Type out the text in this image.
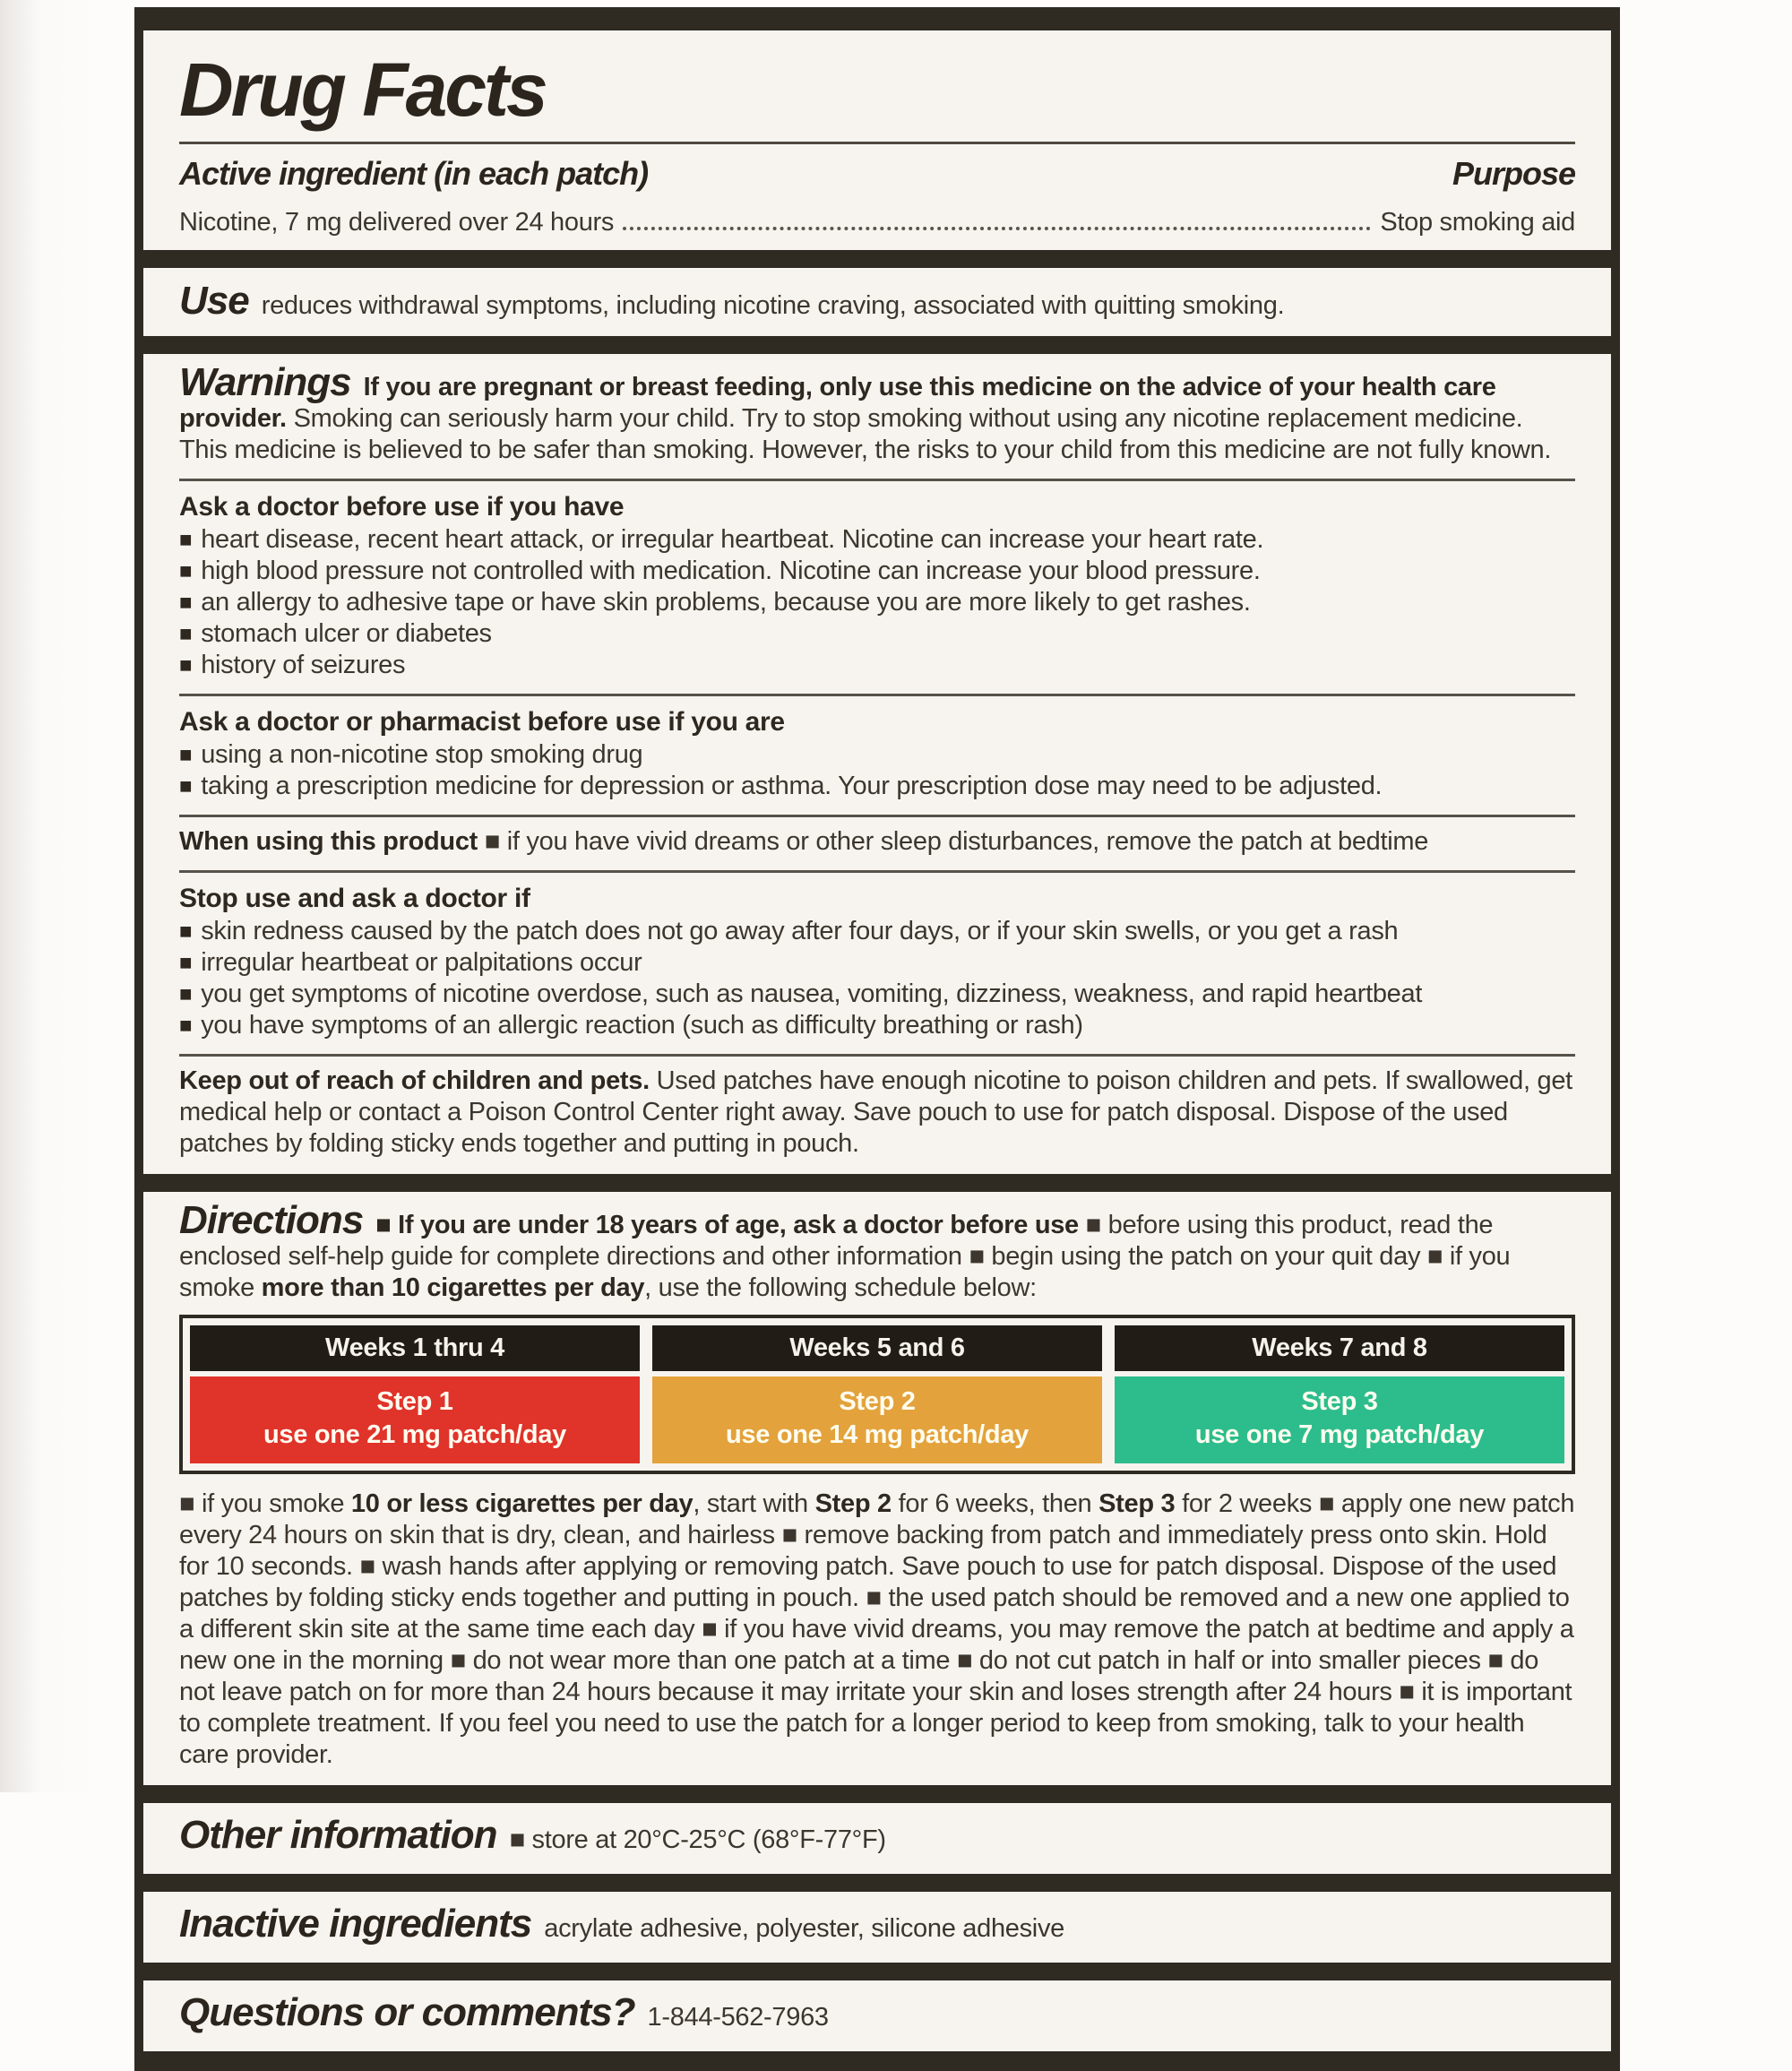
Drug Facts
Active ingredient (in each patch)	Purpose
Nicotine, 7 mg delivered over 24 hours	Stop smoking aid
Use reduces withdrawal symptoms, including nicotine craving, associated with quitting smoking.

Warnings If you are pregnant or breast feeding, only use this medicine on the advice of your health care provider. Smoking can seriously harm your child. Try to stop smoking without using any nicotine replacement medicine. This medicine is believed to be safer than smoking. However, the risks to your child from this medicine are not fully known.

Ask a doctor before use if you have
■ heart disease, recent heart attack, or irregular heartbeat. Nicotine can increase your heart rate.
■ high blood pressure not controlled with medication. Nicotine can increase your blood pressure.
■ an allergy to adhesive tape or have skin problems, because you are more likely to get rashes.
■ stomach ulcer or diabetes
■ history of seizures
Ask a doctor or pharmacist before use if you are
■ using a non-nicotine stop smoking drug
■ taking a prescription medicine for depression or asthma. Your prescription dose may need to be adjusted.

When using this product ■ if you have vivid dreams or other sleep disturbances, remove the patch at bedtime

Stop use and ask a doctor if
■ skin redness caused by the patch does not go away after four days, or if your skin swells, or you get a rash
■ irregular heartbeat or palpitations occur
■ you get symptoms of nicotine overdose, such as nausea, vomiting, dizziness, weakness, and rapid heartbeat
■ you have symptoms of an allergic reaction (such as difficulty breathing or rash)

Keep out of reach of children and pets. Used patches have enough nicotine to poison children and pets. If swallowed, get medical help or contact a Poison Control Center right away. Save pouch to use for patch disposal. Dispose of the used patches by folding sticky ends together and putting in pouch.

Directions ■ If you are under 18 years of age, ask a doctor before use ■ before using this product, read the enclosed self-help guide for complete directions and other information ■ begin using the patch on your quit day ■ if you smoke more than 10 cigarettes per day, use the following schedule below:

Weeks 1 thru 4
Step 1
use one 21 mg patch/day
Weeks 5 and 6
Step 2
use one 14 mg patch/day
Weeks 7 and 8
Step 3
use one 7 mg patch/day

■ if you smoke 10 or less cigarettes per day, start with Step 2 for 6 weeks, then Step 3 for 2 weeks ■ apply one new patch every 24 hours on skin that is dry, clean, and hairless ■ remove backing from patch and immediately press onto skin. Hold for 10 seconds. ■ wash hands after applying or removing patch. Save pouch to use for patch disposal. Dispose of the used patches by folding sticky ends together and putting in pouch. ■ the used patch should be removed and a new one applied to a different skin site at the same time each day ■ if you have vivid dreams, you may remove the patch at bedtime and apply a new one in the morning ■ do not wear more than one patch at a time ■ do not cut patch in half or into smaller pieces ■ do not leave patch on for more than 24 hours because it may irritate your skin and loses strength after 24 hours ■ it is important to complete treatment. If you feel you need to use the patch for a longer period to keep from smoking, talk to your health care provider.

Other information ■ store at 20°C-25°C (68°F-77°F)
Inactive ingredients acrylate adhesive, polyester, silicone adhesive
Questions or comments? 1-844-562-7963
